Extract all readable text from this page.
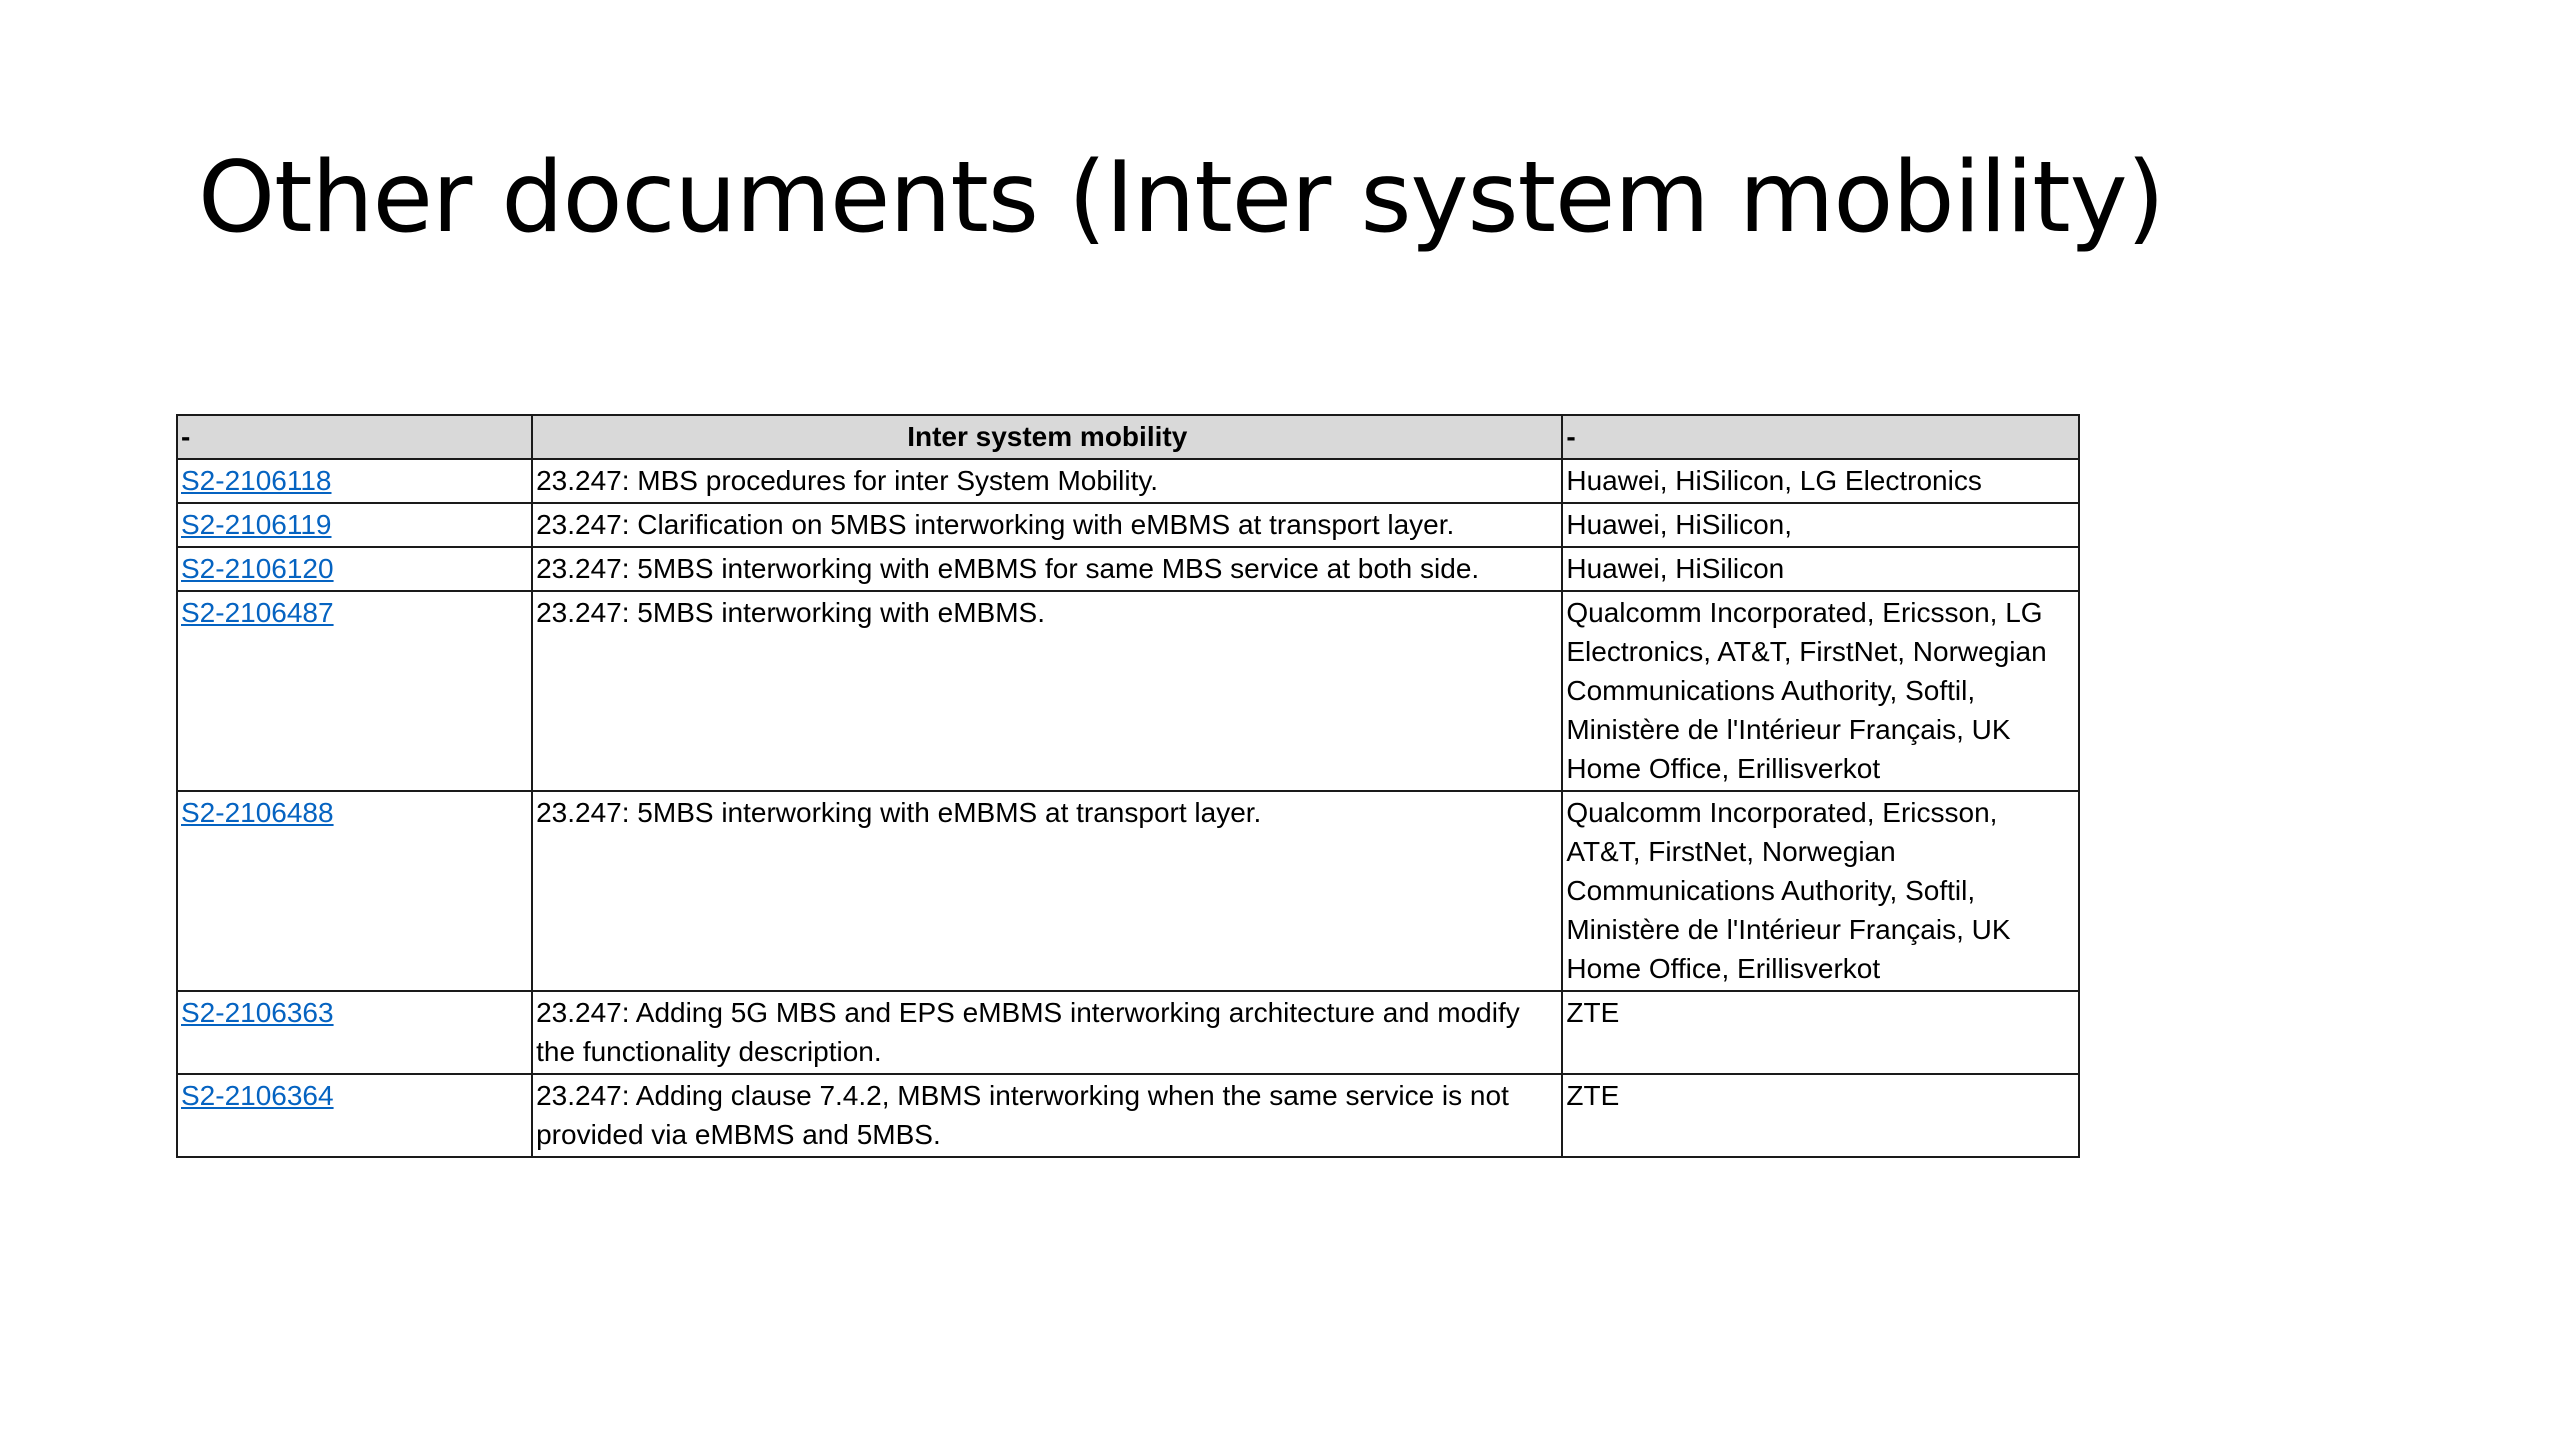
Other documents (Inter system mobility)
-	Inter system mobility	-
S2-2106118	23.247: MBS procedures for inter System Mobility.	Huawei, HiSilicon, LG Electronics
S2-2106119	23.247: Clarification on 5MBS interworking with eMBMS at transport layer.	Huawei, HiSilicon,
S2-2106120	23.247: 5MBS interworking with eMBMS for same MBS service at both side.	Huawei, HiSilicon
S2-2106487	23.247: 5MBS interworking with eMBMS.	Qualcomm Incorporated, Ericsson, LG Electronics, AT&T, FirstNet, Norwegian Communications Authority, Softil, Ministère de l'Intérieur Français, UK Home Office, Erillisverkot
S2-2106488	23.247: 5MBS interworking with eMBMS at transport layer.	Qualcomm Incorporated, Ericsson, AT&T, FirstNet, Norwegian Communications Authority, Softil, Ministère de l'Intérieur Français, UK Home Office, Erillisverkot
S2-2106363	23.247: Adding 5G MBS and EPS eMBMS interworking architecture and modify the functionality description.	ZTE
S2-2106364	23.247: Adding clause 7.4.2, MBMS interworking when the same service is not provided via eMBMS and 5MBS.	ZTE
